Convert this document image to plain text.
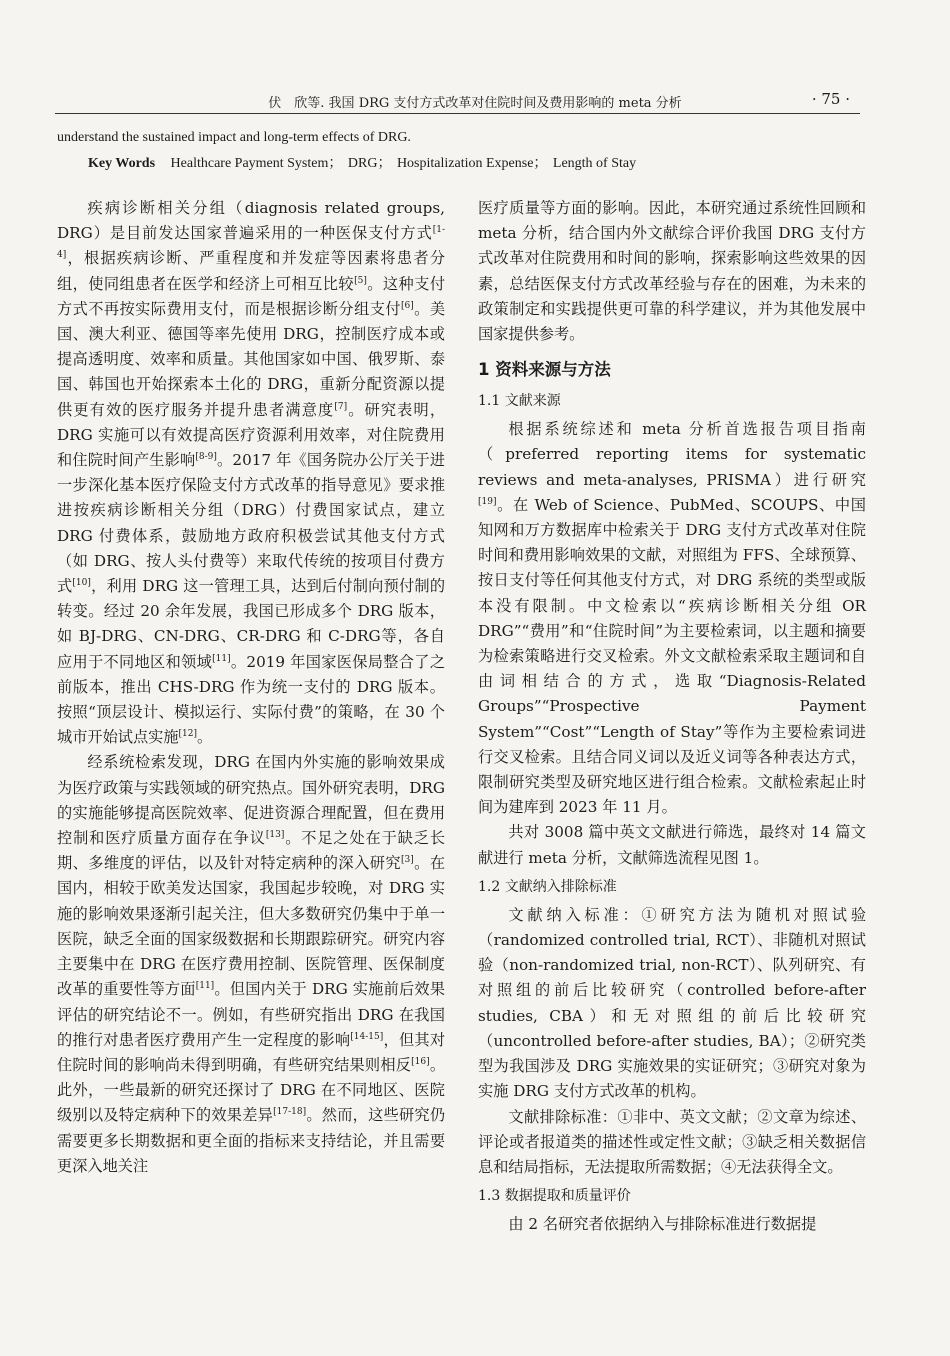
伏　欣等. 我国 DRG 支付方式改革对住院时间及费用影响的 meta 分析	· 75 ·
understand the sustained impact and long-term effects of DRG.
Key Words Healthcare Payment System ； DRG ； Hospitalization Expense ； Length of Stay

疾病诊断相关分组（diagnosis related groups, DRG）是目前发达国家普遍采用的一种医保支付方式[1-4]，根据疾病诊断、严重程度和并发症等因素将患者分组，使同组患者在医学和经济上可相互比较[5]。这种支付方式不再按实际费用支付，而是根据诊断分组支付[6]。美国、澳大利亚、德国等率先使用 DRG，控制医疗成本或提高透明度、效率和质量。其他国家如中国、俄罗斯、泰国、韩国也开始探索本土化的 DRG，重新分配资源以提供更有效的医疗服务并提升患者满意度[7]。研究表明，DRG 实施可以有效提高医疗资源利用效率，对住院费用和住院时间产生影响[8-9]。2017 年《国务院办公厅关于进一步深化基本医疗保险支付方式改革的指导意见》要求推进按疾病诊断相关分组（DRG）付费国家试点，建立 DRG 付费体系，鼓励地方政府积极尝试其他支付方式（如 DRG、按人头付费等）来取代传统的按项目付费方式[10]，利用 DRG 这一管理工具，达到后付制向预付制的转变。经过 20 余年发展，我国已形成多个 DRG 版本，如 BJ-DRG、CN-DRG、CR-DRG 和 C-DRG等，各自应用于不同地区和领域[11]。2019 年国家医保局整合了之前版本，推出 CHS-DRG 作为统一支付的 DRG 版本。按照“顶层设计、模拟运行、实际付费”的策略，在 30 个城市开始试点实施[12]。

经系统检索发现，DRG 在国内外实施的影响效果成为医疗政策与实践领域的研究热点。国外研究表明，DRG 的实施能够提高医院效率、促进资源合理配置，但在费用控制和医疗质量方面存在争议[13]。不足之处在于缺乏长期、多维度的评估，以及针对特定病种的深入研究[3]。在国内，相较于欧美发达国家，我国起步较晚，对 DRG 实施的影响效果逐渐引起关注，但大多数研究仍集中于单一医院，缺乏全面的国家级数据和长期跟踪研究。研究内容主要集中在 DRG 在医疗费用控制、医院管理、医保制度改革的重要性等方面[11]。但国内关于 DRG 实施前后效果评估的研究结论不一。例如，有些研究指出 DRG 在我国的推行对患者医疗费用产生一定程度的影响[14-15]，但其对住院时间的影响尚未得到明确，有些研究结果则相反[16]。此外，一些最新的研究还探讨了 DRG 在不同地区、医院级别以及特定病种下的效果差异[17-18]。然而，这些研究仍需要更多长期数据和更全面的指标来支持结论，并且需要更深入地关注

医疗质量等方面的影响。因此，本研究通过系统性回顾和 meta 分析，结合国内外文献综合评价我国 DRG 支付方式改革对住院费用和时间的影响，探索影响这些效果的因素，总结医保支付方式改革经验与存在的困难，为未来的政策制定和实践提供更可靠的科学建议，并为其他发展中国家提供参考。

1 资料来源与方法
1.1 文献来源

根据系统综述和 meta 分析首选报告项目指南（preferred reporting items for systematic reviews and meta-analyses, PRISMA）进行研究[19]。在 Web of Science、PubMed、SCOUPS、中国知网和万方数据库中检索关于 DRG 支付方式改革对住院时间和费用影响效果的文献，对照组为 FFS、全球预算、按日支付等任何其他支付方式，对 DRG 系统的类型或版本没有限制。中文检索以“疾病诊断相关分组 OR DRG”“费用”和“住院时间”为主要检索词，以主题和摘要为检索策略进行交叉检索。外文文献检索采取主题词和自由词相结合的方式，选取“Diagnosis-Related Groups”“Prospective Payment System”“Cost”“Length of Stay”等作为主要检索词进行交叉检索。且结合同义词以及近义词等各种表达方式，限制研究类型及研究地区进行组合检索。文献检索起止时间为建库到 2023 年 11 月。

共对 3008 篇中英文文献进行筛选，最终对 14 篇文献进行 meta 分析，文献筛选流程见图 1。

1.2 文献纳入排除标准

文献纳入标准：①研究方法为随机对照试验（randomized controlled trial, RCT）、非随机对照试验（non-randomized trial, non-RCT）、队列研究、有对照组的前后比较研究（controlled before-after studies, CBA）和无对照组的前后比较研究（uncontrolled before-after studies, BA）；②研究类型为我国涉及 DRG 实施效果的实证研究；③研究对象为实施 DRG 支付方式改革的机构。

文献排除标准：①非中、英文文献；②文章为综述、评论或者报道类的描述性或定性文献；③缺乏相关数据信息和结局指标，无法提取所需数据；④无法获得全文。

1.3 数据提取和质量评价

由 2 名研究者依据纳入与排除标准进行数据提
